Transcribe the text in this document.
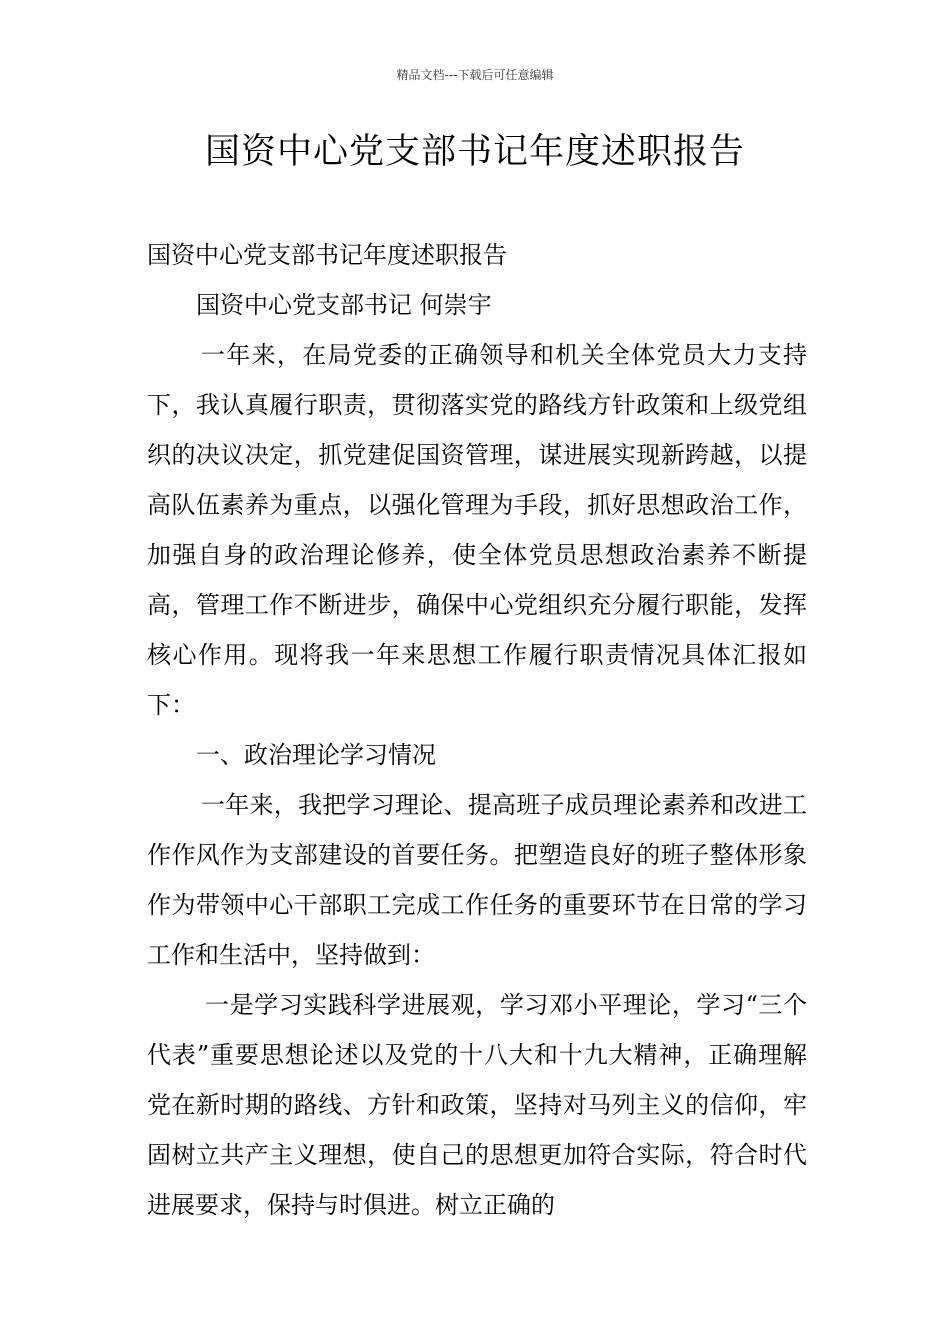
精品文档---下载后可任意编辑
国资中心党支部书记年度述职报告

国资中心党支部书记年度述职报告

国资中心党支部书记 何崇宇

一年来，在局党委的正确领导和机关全体党员大力支持下，我认真履行职责，贯彻落实党的路线方针政策和上级党组织的决议决定，抓党建促国资管理，谋进展实现新跨越，以提高队伍素养为重点，以强化管理为手段，抓好思想政治工作，加强自身的政治理论修养，使全体党员思想政治素养不断提高，管理工作不断进步，确保中心党组织充分履行职能，发挥核心作用。现将我一年来思想工作履行职责情况具体汇报如下：

一、政治理论学习情况

一年来，我把学习理论、提高班子成员理论素养和改进工作作风作为支部建设的首要任务。把塑造良好的班子整体形象作为带领中心干部职工完成工作任务的重要环节在日常的学习工作和生活中，坚持做到：

一是学习实践科学进展观，学习邓小平理论，学习“三个代表”重要思想论述以及党的十八大和十九大精神，正确理解党在新时期的路线、方针和政策，坚持对马列主义的信仰，牢固树立共产主义理想，使自己的思想更加符合实际，符合时代进展要求，保持与时俱进。树立正确的
